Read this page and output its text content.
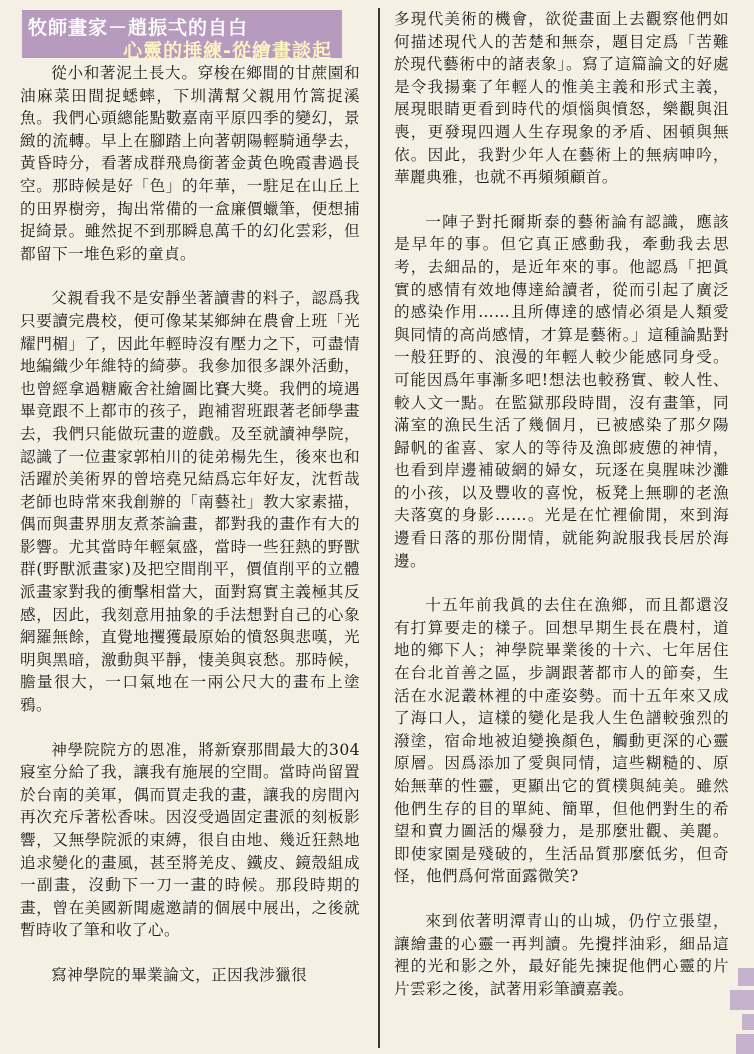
牧師畫家－趙振弌的自白
心靈的捶練-從繪畫談起

從小和著泥土長大。穿梭在鄉間的甘蔗園和油麻菜田間捉蟋蟀，下圳溝幫父親用竹篙捉溪魚。我們心頭總能點數嘉南平原四季的變幻，景緻的流轉。早上在腳踏上向著朝陽輕騎通學去，黃昏時分，看著成群飛鳥銜著金黃色晚霞書過長空。那時候是好「色」的年華，一駐足在山丘上的田界樹旁，掏出常備的一盒廉價蠟筆，便想捕捉綺景。雖然捉不到那瞬息萬千的幻化雲彩，但都留下一堆色彩的童貞。

父親看我不是安靜坐著讀書的料子，認爲我只要讀完農校，便可像某某鄉紳在農會上班「光耀門楣」了，因此年輕時沒有壓力之下，可盡情地編織少年維特的綺夢。我參加很多課外活動，也曾經拿過糖廠舍社繪圖比賽大獎。我們的境遇畢竟跟不上都市的孩子，跑補習班跟著老師學畫去，我們只能做玩畫的遊戲。及至就讀神學院，認識了一位畫家郭柏川的徒弟楊先生，後來也和活躍於美術界的曾培堯兄結爲忘年好友，沈哲哉老師也時常來我創辦的「南藝社」教大家素描，偶而與畫界朋友煮茶論畫，都對我的畫作有大的影響。尤其當時年輕氣盛，當時一些狂熱的野獸群(野獸派畫家)及把空間削平，價值削平的立體派畫家對我的衝擊相當大，面對寫實主義極其反感，因此，我刻意用抽象的手法想對自己的心象網羅無餘，直覺地攫獲最原始的憤怒與悲嘆，光明與黑暗，激動與平靜，悽美與哀愁。那時候，膽量很大，一口氣地在一兩公尺大的畫布上塗鴉。

神學院院方的恩准，將新寮那間最大的304寢室分給了我，讓我有施展的空間。當時尚留置於台南的美軍，偶而買走我的畫，讓我的房間內再次充斥著松香味。因沒受過固定畫派的刻板影響，又無學院派的束縛，很自由地、幾近狂熱地追求變化的畫風，甚至將羌皮、鐵皮、鏡殼組成一副畫，沒動下一刀一畫的時候。那段時期的畫，曾在美國新聞處邀請的個展中展出，之後就暫時收了筆和收了心。

寫神學院的畢業論文，正因我涉獵很

多現代美術的機會，欲從畫面上去觀察他們如何描述現代人的苦楚和無奈，題目定爲「苦難於現代藝術中的諸表象」。寫了這篇論文的好處是令我揚棄了年輕人的惟美主義和形式主義，展現眼睛更看到時代的煩惱與憤怒，樂觀與沮喪，更發現四週人生存現象的矛盾、困頓與無依。因此，我對少年人在藝術上的無病呻吟，華麗典雅，也就不再頻頻顧首。

一陣子對托爾斯泰的藝術論有認識，應該是早年的事。但它真正感動我，牽動我去思考，去細品的，是近年來的事。他認爲「把眞實的感情有效地傳達給讀者，從而引起了廣泛的感染作用……且所傳達的感情必須是人類愛與同情的高尚感情，才算是藝術。」這種論點對一般狂野的、浪漫的年輕人較少能感同身受。可能因爲年事漸多吧!想法也較務實、較人性、較人文一點。在監獄那段時間，沒有畫筆，同滿室的漁民生活了幾個月，已被感染了那夕陽歸帆的雀喜、家人的等待及漁郎疲憊的神情，也看到岸邊補破網的婦女，玩逐在臭腥味沙灘的小孩，以及豐收的喜悅，板凳上無聊的老漁夫落寞的身影……。光是在忙裡偷閒，來到海邊看日落的那份閒情，就能夠說服我長居於海邊。

十五年前我眞的去住在漁鄉，而且都還沒有打算要走的樣子。回想早期生長在農村，道地的鄉下人；神學院畢業後的十六、七年居住在台北首善之區，步調跟著都市人的節奏，生活在水泥叢林裡的中產姿勢。而十五年來又成了海口人，這樣的變化是我人生色譜較強烈的潑塗，宿命地被迫變換顏色，觸動更深的心靈原層。因爲添加了愛與同情，這些糊糙的、原始無華的性靈，更顯出它的質樸與純美。雖然他們生存的目的單純、簡單，但他們對生的希望和賣力圖活的爆發力，是那麼壯觀、美麗。即使家園是殘破的，生活品質那麼低劣，但奇怪，他們爲何常面露微笑?

來到依著明潭青山的山城，仍佇立張望，讓繪畫的心靈一再判讀。先攪拌油彩，細品這裡的光和影之外，最好能先揀捉他們心靈的片片雲彩之後，試著用彩筆讀嘉義。
